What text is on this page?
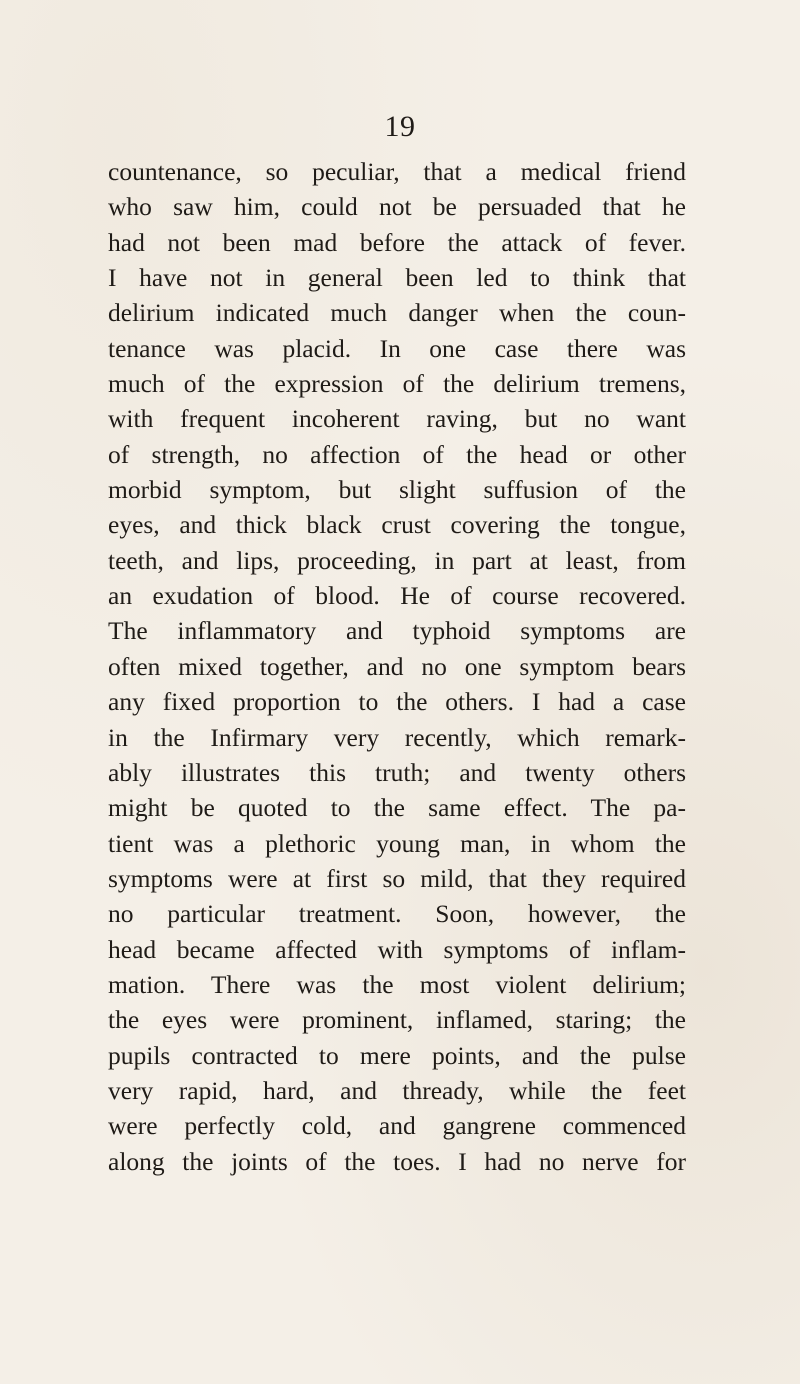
19
countenance, so peculiar, that a medical friend
who saw him, could not be persuaded that he
had not been mad before the attack of fever.
I have not in general been led to think that
delirium indicated much danger when the coun-
tenance was placid. In one case there was
much of the expression of the delirium tremens,
with frequent incoherent raving, but no want
of strength, no affection of the head or other
morbid symptom, but slight suffusion of the
eyes, and thick black crust covering the tongue,
teeth, and lips, proceeding, in part at least, from
an exudation of blood. He of course recovered.
The inflammatory and typhoid symptoms are
often mixed together, and no one symptom bears
any fixed proportion to the others. I had a case
in the Infirmary very recently, which remark-
ably illustrates this truth; and twenty others
might be quoted to the same effect. The pa-
tient was a plethoric young man, in whom the
symptoms were at first so mild, that they required
no particular treatment. Soon, however, the
head became affected with symptoms of inflam-
mation. There was the most violent delirium;
the eyes were prominent, inflamed, staring; the
pupils contracted to mere points, and the pulse
very rapid, hard, and thready, while the feet
were perfectly cold, and gangrene commenced
along the joints of the toes. I had no nerve for
